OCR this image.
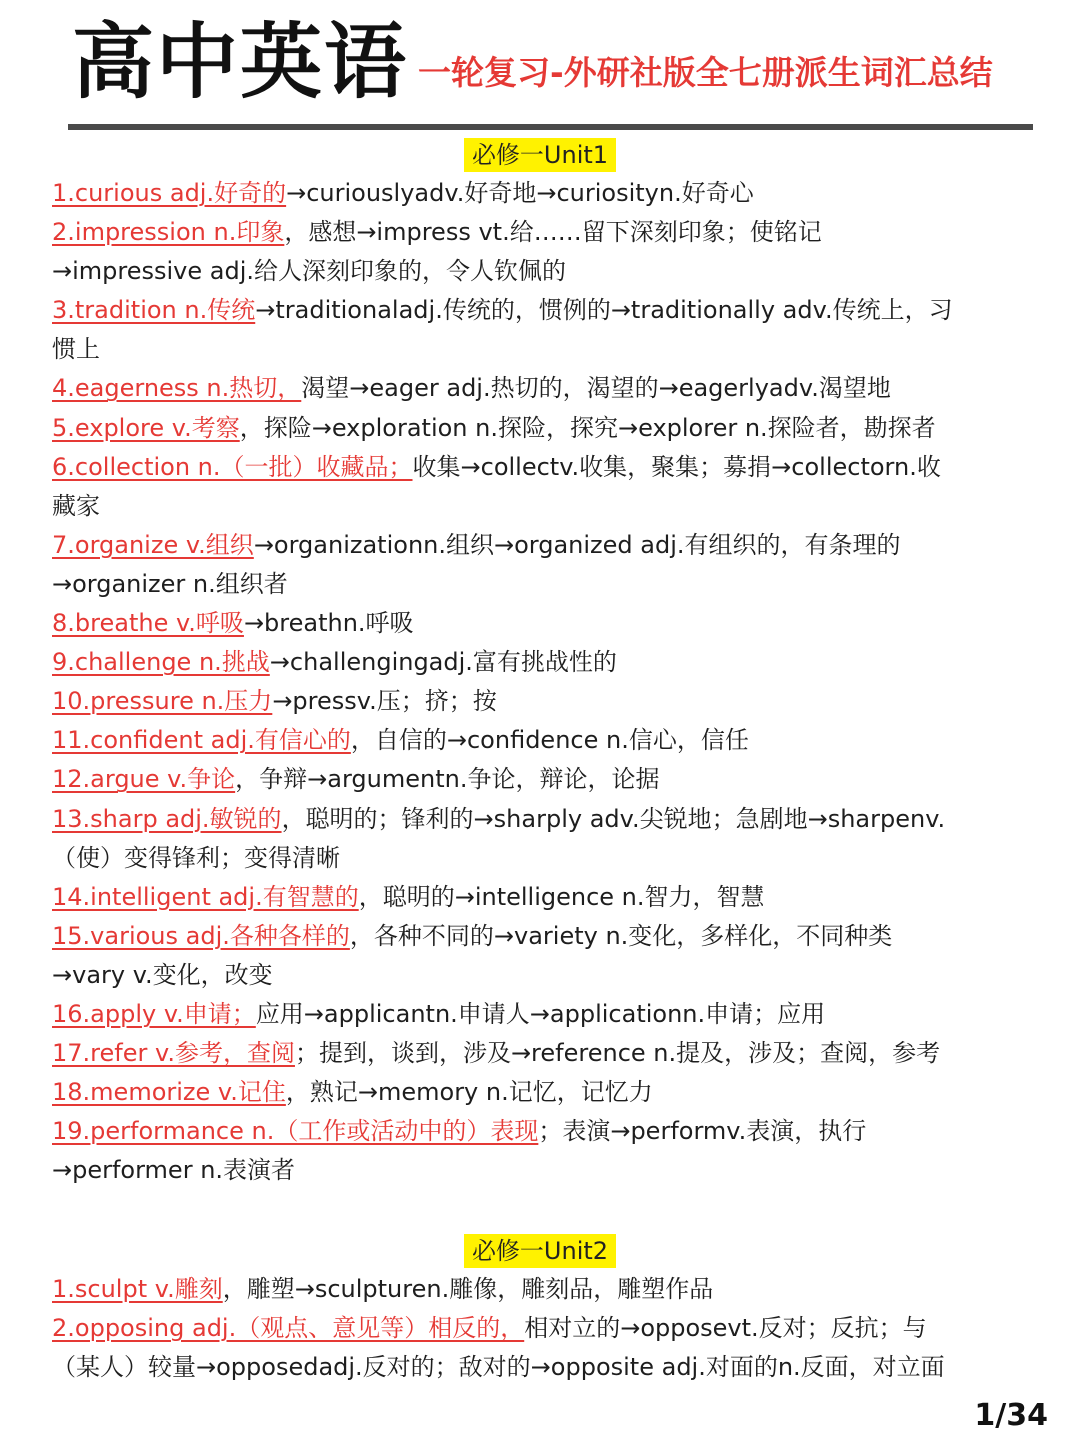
高中英语 一轮复习-外研社版全七册派生词汇总结
必修一Unit1
1.curious adj.好奇的→curiouslyadv.好奇地→curiosityn.好奇心
2.impression n.印象，感想→impress vt.给……留下深刻印象；使铭记
→impressive adj.给人深刻印象的，令人钦佩的
3.tradition n.传统→traditionaladj.传统的，惯例的→traditionally adv.传统上，习
惯上
4.eagerness n.热切，渴望→eager adj.热切的，渴望的→eagerlyadv.渴望地
5.explore v.考察，探险→exploration n.探险，探究→explorer n.探险者，勘探者
6.collection n.（一批）收藏品；收集→collectv.收集，聚集；募捐→collectorn.收
藏家
7.organize v.组织→organizationn.组织→organized adj.有组织的，有条理的
→organizer n.组织者
8.breathe v.呼吸→breathn.呼吸
9.challenge n.挑战→challengingadj.富有挑战性的
10.pressure n.压力→pressv.压；挤；按
11.confident adj.有信心的，自信的→confidence n.信心，信任
12.argue v.争论，争辩→argumentn.争论，辩论，论据
13.sharp adj.敏锐的，聪明的；锋利的→sharply adv.尖锐地；急剧地→sharpenv.
（使）变得锋利；变得清晰
14.intelligent adj.有智慧的，聪明的→intelligence n.智力，智慧
15.various adj.各种各样的，各种不同的→variety n.变化，多样化，不同种类
→vary v.变化，改变
16.apply v.申请；应用→applicantn.申请人→applicationn.申请；应用
17.refer v.参考，查阅；提到，谈到，涉及→reference n.提及，涉及；查阅，参考
18.memorize v.记住，熟记→memory n.记忆，记忆力
19.performance n.（工作或活动中的）表现；表演→performv.表演，执行
→performer n.表演者
必修一Unit2
1.sculpt v.雕刻，雕塑→sculpturen.雕像，雕刻品，雕塑作品
2.opposing adj.（观点、意见等）相反的，相对立的→opposevt.反对；反抗；与
（某人）较量→opposedadj.反对的；敌对的→opposite adj.对面的n.反面，对立面
1/34
